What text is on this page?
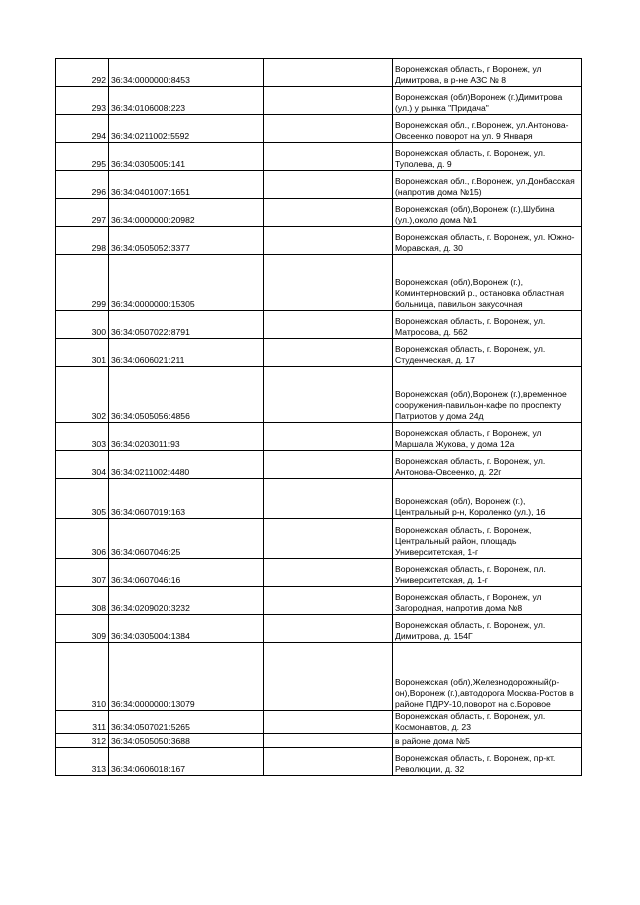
292	36:34:0000000:8453		Воронежская область, г Воронеж, ул Димитрова, в р-не АЗС № 8
293	36:34:0106008:223		Воронежская (обл)Воронеж (г.)Димитрова (ул.) у рынка "Придача"
294	36:34:0211002:5592		Воронежская обл., г.Воронеж, ул.Антонова-Овсеенко поворот на ул. 9 Января
295	36:34:0305005:141		Воронежская область, г. Воронеж, ул. Туполева, д. 9
296	36:34:0401007:1651		Воронежская обл., г.Воронеж, ул.Донбасская (напротив дома №15)
297	36:34:0000000:20982		Воронежская (обл),Воронеж (г.),Шубина (ул.),около дома №1
298	36:34:0505052:3377		Воронежская область, г. Воронеж, ул. Южно-Моравская, д. 30
299	36:34:0000000:15305		Воронежская (обл),Воронеж (г.), Коминтерновский р., остановка областная больница, павильон закусочная
300	36:34:0507022:8791		Воронежская область, г. Воронеж, ул. Матросова, д. 562
301	36:34:0606021:211		Воронежская область, г. Воронеж, ул. Студенческая, д. 17
302	36:34:0505056:4856		Воронежская (обл),Воронеж (г.),временное сооружения-павильон-кафе по проспекту Патриотов у дома 24д
303	36:34:0203011:93		Воронежская область, г Воронеж, ул Маршала Жукова, у дома 12а
304	36:34:0211002:4480		Воронежская область, г. Воронеж, ул. Антонова-Овсеенко, д. 22г
305	36:34:0607019:163		Воронежская (обл), Воронеж (г.), Центральный р-н, Короленко (ул.), 16
306	36:34:0607046:25		Воронежская область, г. Воронеж, Центральный район, площадь Университетская, 1-г
307	36:34:0607046:16		Воронежская область, г. Воронеж, пл. Университетская, д. 1-г
308	36:34:0209020:3232		Воронежская область, г Воронеж, ул Загородная, напротив дома №8
309	36:34:0305004:1384		Воронежская область, г. Воронеж, ул. Димитрова, д. 154Г
310	36:34:0000000:13079		Воронежская (обл),Железнодорожный(р-он),Воронеж (г.),автодорога Москва-Ростов в районе ПДРУ-10,поворот на с.Боровое
311	36:34:0507021:5265		Воронежская область, г. Воронеж, ул. Космонавтов, д. 23
312	36:34:0505050:3688		в районе дома №5
313	36:34:0606018:167		Воронежская область, г. Воронеж, пр-кт. Революции, д. 32
